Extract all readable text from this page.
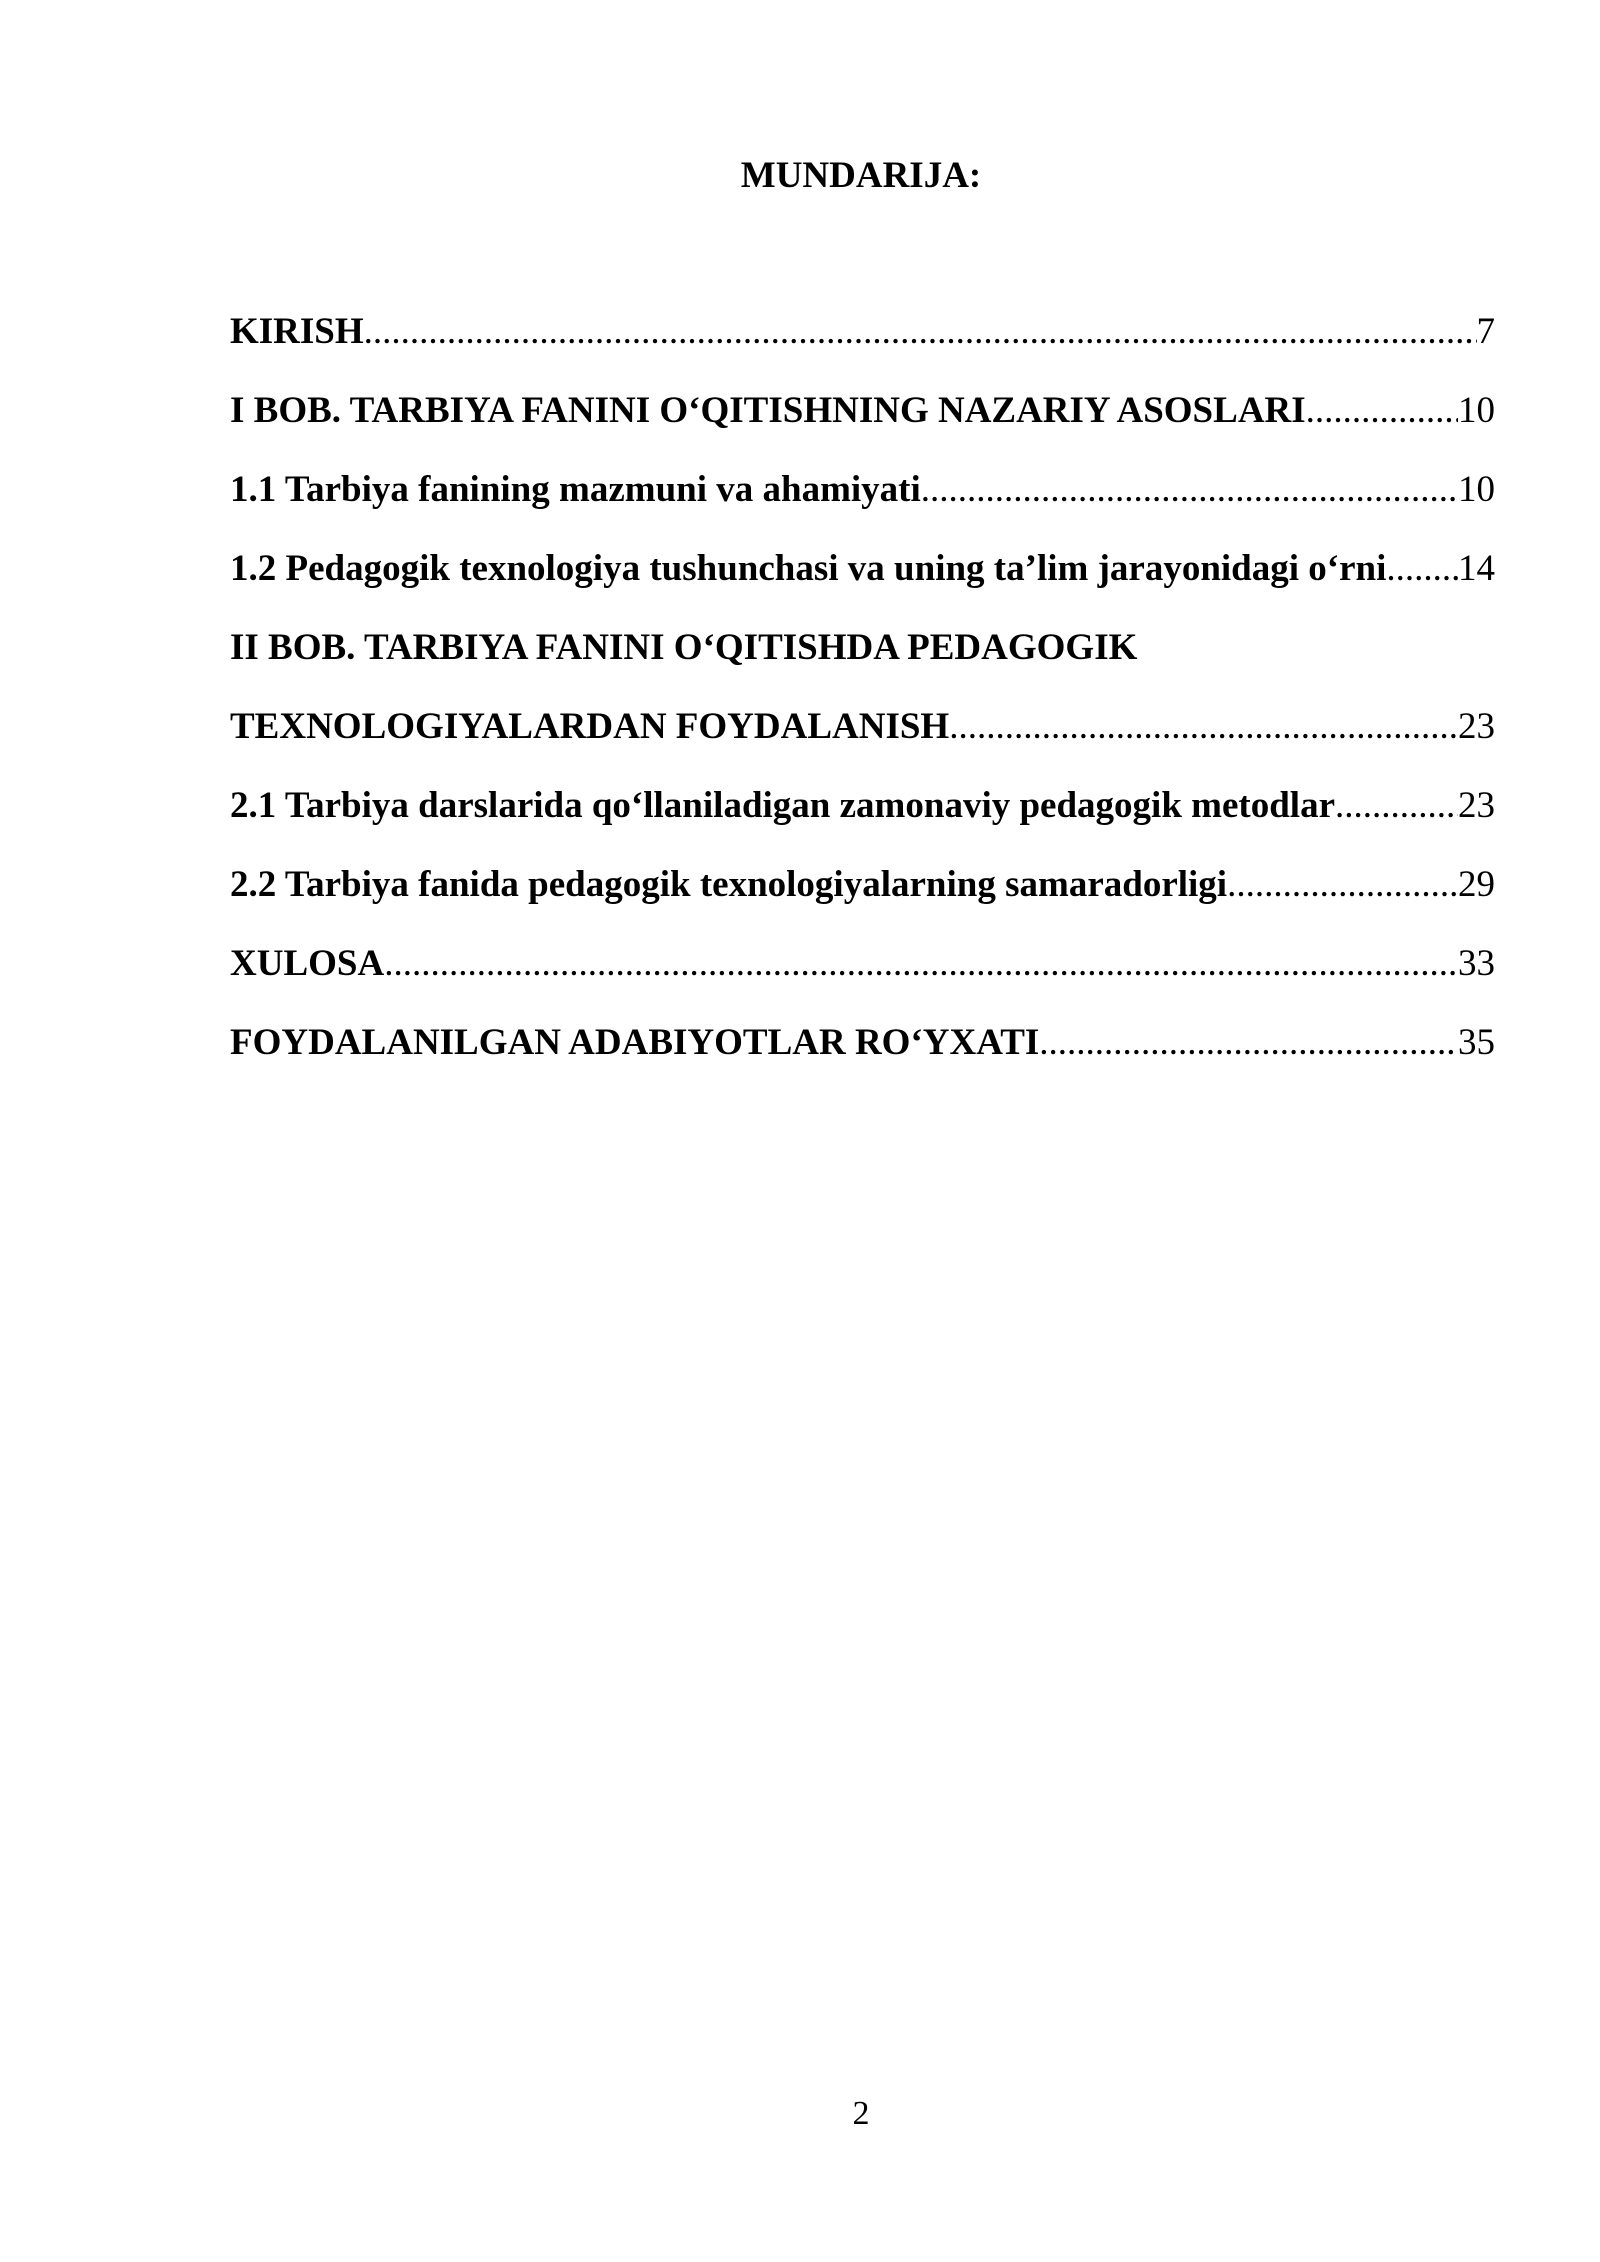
MUNDARIJA:
KIRISH .....	7
I BOB. TARBIYA FANINI O‘QITISHNING NAZARIY ASOSLARI .....	10
1.1 Tarbiya fanining mazmuni va ahamiyati .....	10
1.2 Pedagogik texnologiya tushunchasi va uning ta’lim jarayonidagi o‘rni ..... 14
II BOB. TARBIYA FANINI O‘QITISHDA PEDAGOGIK
TEXNOLOGIYALARDAN FOYDALANISH .....	23
2.1 Tarbiya darslarida qo‘llaniladigan zamonaviy pedagogik metodlar .....	23
2.2 Tarbiya fanida pedagogik texnologiyalarning samaradorligi .....	29
XULOSA .....	33
FOYDALANILGAN ADABIYOTLAR RO‘YXATI .....	35
2
